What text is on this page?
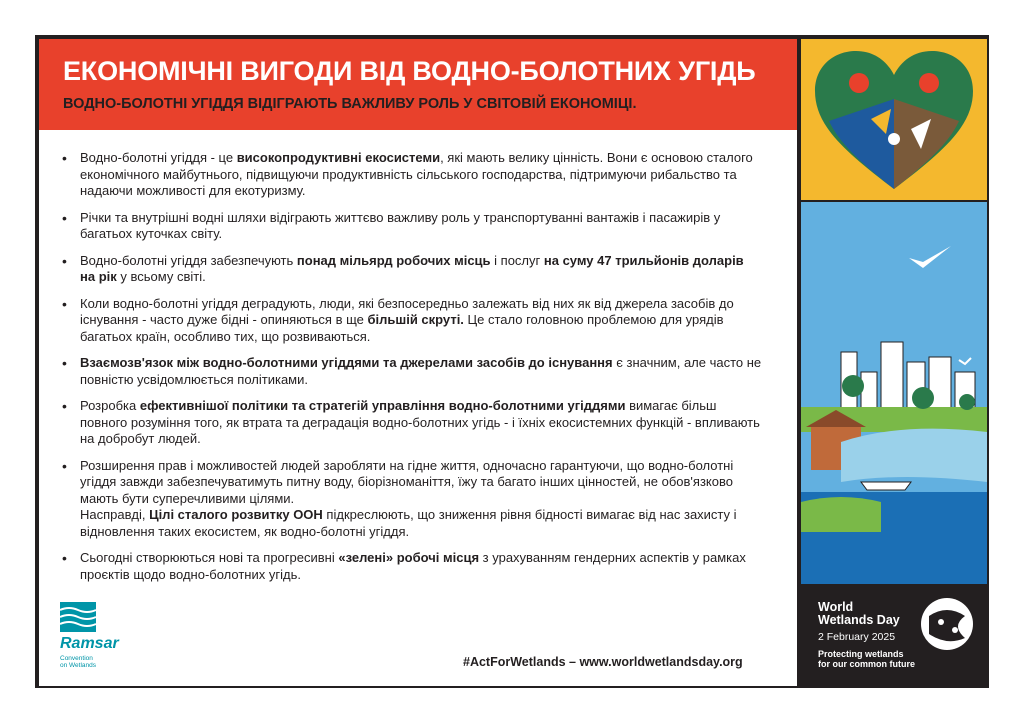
ЕКОНОМІЧНІ ВИГОДИ ВІД ВОДНО-БОЛОТНИХ УГІДЬ
ВОДНО-БОЛОТНІ УГІДДЯ ВІДІГРАЮТЬ ВАЖЛИВУ РОЛЬ У СВІТОВІЙ ЕКОНОМІЦІ.
• Водно-болотні угіддя - це високопродуктивні екосистеми, які мають велику цінність. Вони є основою сталого економічного майбутнього, підвищуючи продуктивність сільського господарства, підтримуючи рибальство та надаючи можливості для екотуризму.
• Річки та внутрішні водні шляхи відіграють життєво важливу роль у транспортуванні вантажів і пасажирів у багатьох куточках світу.
• Водно-болотні угіддя забезпечують понад мільярд робочих місць і послуг на суму 47 трильйонів доларів на рік у всьому світі.
• Коли водно-болотні угіддя деградують, люди, які безпосередньо залежать від них як від джерела засобів до існування - часто дуже бідні - опиняються в ще більшій скруті. Це стало головною проблемою для урядів багатьох країн, особливо тих, що розвиваються.
• Взаємозв'язок між водно-болотними угіддями та джерелами засобів до існування є значним, але часто не повністю усвідомлюється політиками.
• Розробка ефективнішої політики та стратегій управління водно-болотними угіддями вимагає більш повного розуміння того, як втрата та деградація водно-болотних угідь - і їхніх екосистемних функцій - впливають на добробут людей.
• Розширення прав і можливостей людей заробляти на гідне життя, одночасно гарантуючи, що водно-болотні угіддя завжди забезпечуватимуть питну воду, біорізноманіття, їжу та багато інших цінностей, не обов'язково мають бути суперечливими цілями.
Насправді, Цілі сталого розвитку ООН підкреслюють, що зниження рівня бідності вимагає від нас захисту і відновлення таких екосистем, як водно-болотні угіддя.
• Сьогодні створюються нові та прогресивні «зелені» робочі місця з урахуванням гендерних аспектів у рамках проєктів щодо водно-болотних угідь.
Ramsar
Convention on Wetlands	#ActForWetlands – www.worldwetlandsday.org
World
Wetlands Day
2 February 2025
Protecting wetlands
for our common future
